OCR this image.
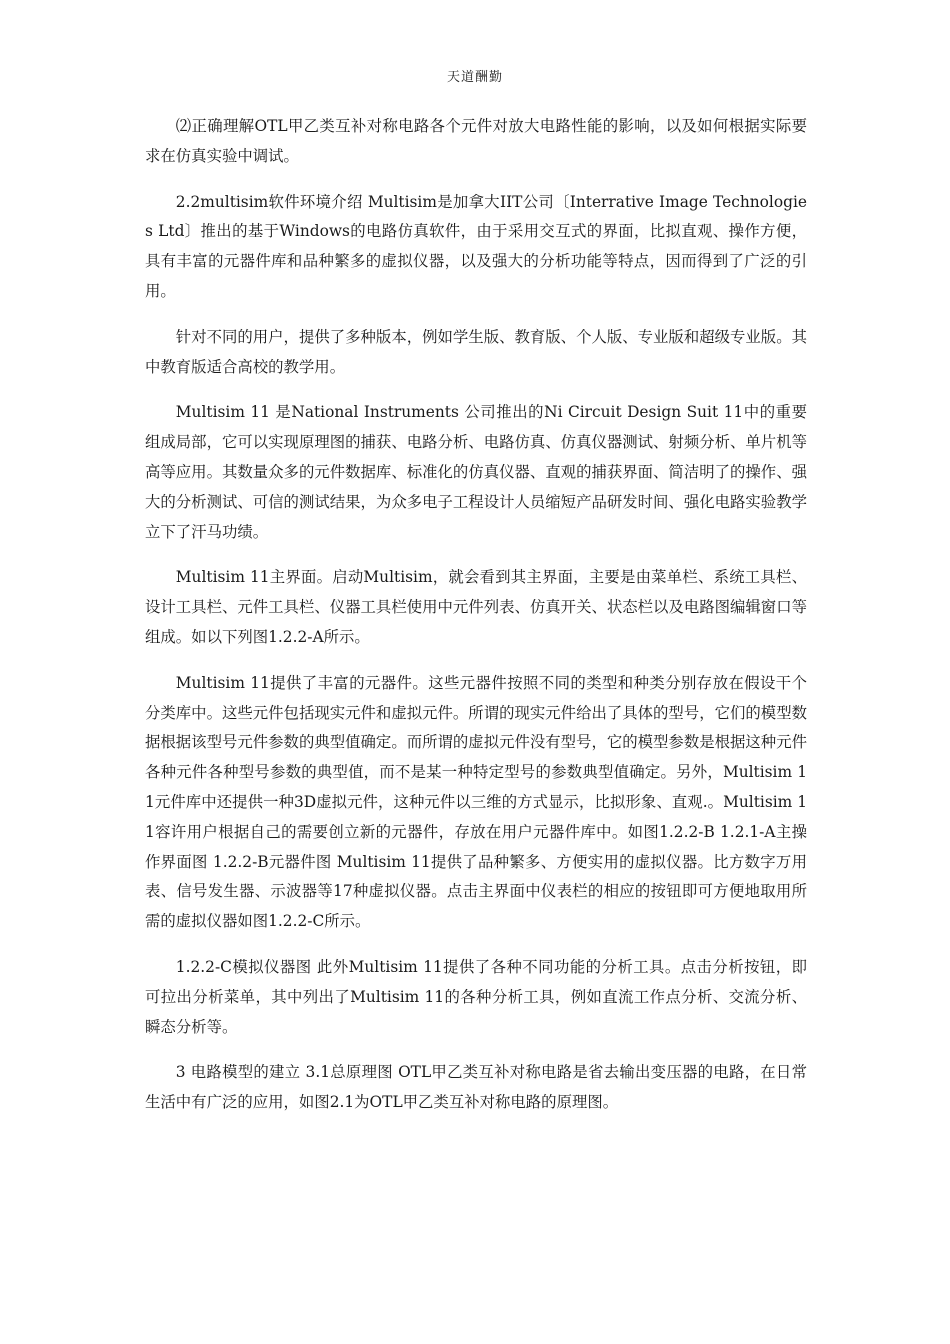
天道酬勤

⑵正确理解OTL甲乙类互补对称电路各个元件对放大电路性能的影响，以及如何根据实际要求在仿真实验中调试。

2.2multisim软件环境介绍 Multisim是加拿大IIT公司〔Interrative Image Technologies Ltd〕推出的基于Windows的电路仿真软件，由于采用交互式的界面，比拟直观、操作方便，具有丰富的元器件库和品种繁多的虚拟仪器，以及强大的分析功能等特点，因而得到了广泛的引用。

针对不同的用户，提供了多种版本，例如学生版、教育版、个人版、专业版和超级专业版。其中教育版适合高校的教学用。

Multisim 11 是National Instruments 公司推出的Ni Circuit Design Suit 11中的重要组成局部，它可以实现原理图的捕获、电路分析、电路仿真、仿真仪器测试、射频分析、单片机等高等应用。其数量众多的元件数据库、标准化的仿真仪器、直观的捕获界面、简洁明了的操作、强大的分析测试、可信的测试结果，为众多电子工程设计人员缩短产品研发时间、强化电路实验教学立下了汗马功绩。

Multisim 11主界面。启动Multisim，就会看到其主界面，主要是由菜单栏、系统工具栏、设计工具栏、元件工具栏、仪器工具栏使用中元件列表、仿真开关、状态栏以及电路图编辑窗口等组成。如以下列图1.2.2-A所示。

Multisim 11提供了丰富的元器件。这些元器件按照不同的类型和种类分别存放在假设干个分类库中。这些元件包括现实元件和虚拟元件。所谓的现实元件给出了具体的型号，它们的模型数据根据该型号元件参数的典型值确定。而所谓的虚拟元件没有型号，它的模型参数是根据这种元件各种元件各种型号参数的典型值，而不是某一种特定型号的参数典型值确定。另外，Multisim 11元件库中还提供一种3D虚拟元件，这种元件以三维的方式显示，比拟形象、直观.。Multisim 11容许用户根据自己的需要创立新的元器件，存放在用户元器件库中。如图1.2.2-B 1.2.1-A主操作界面图 1.2.2-B元器件图 Multisim 11提供了品种繁多、方便实用的虚拟仪器。比方数字万用表、信号发生器、示波器等17种虚拟仪器。点击主界面中仪表栏的相应的按钮即可方便地取用所需的虚拟仪器如图1.2.2-C所示。

1.2.2-C模拟仪器图 此外Multisim 11提供了各种不同功能的分析工具。点击分析按钮，即可拉出分析菜单，其中列出了Multisim 11的各种分析工具，例如直流工作点分析、交流分析、瞬态分析等。

3 电路模型的建立 3.1总原理图 OTL甲乙类互补对称电路是省去输出变压器的电路，在日常生活中有广泛的应用，如图2.1为OTL甲乙类互补对称电路的原理图。
